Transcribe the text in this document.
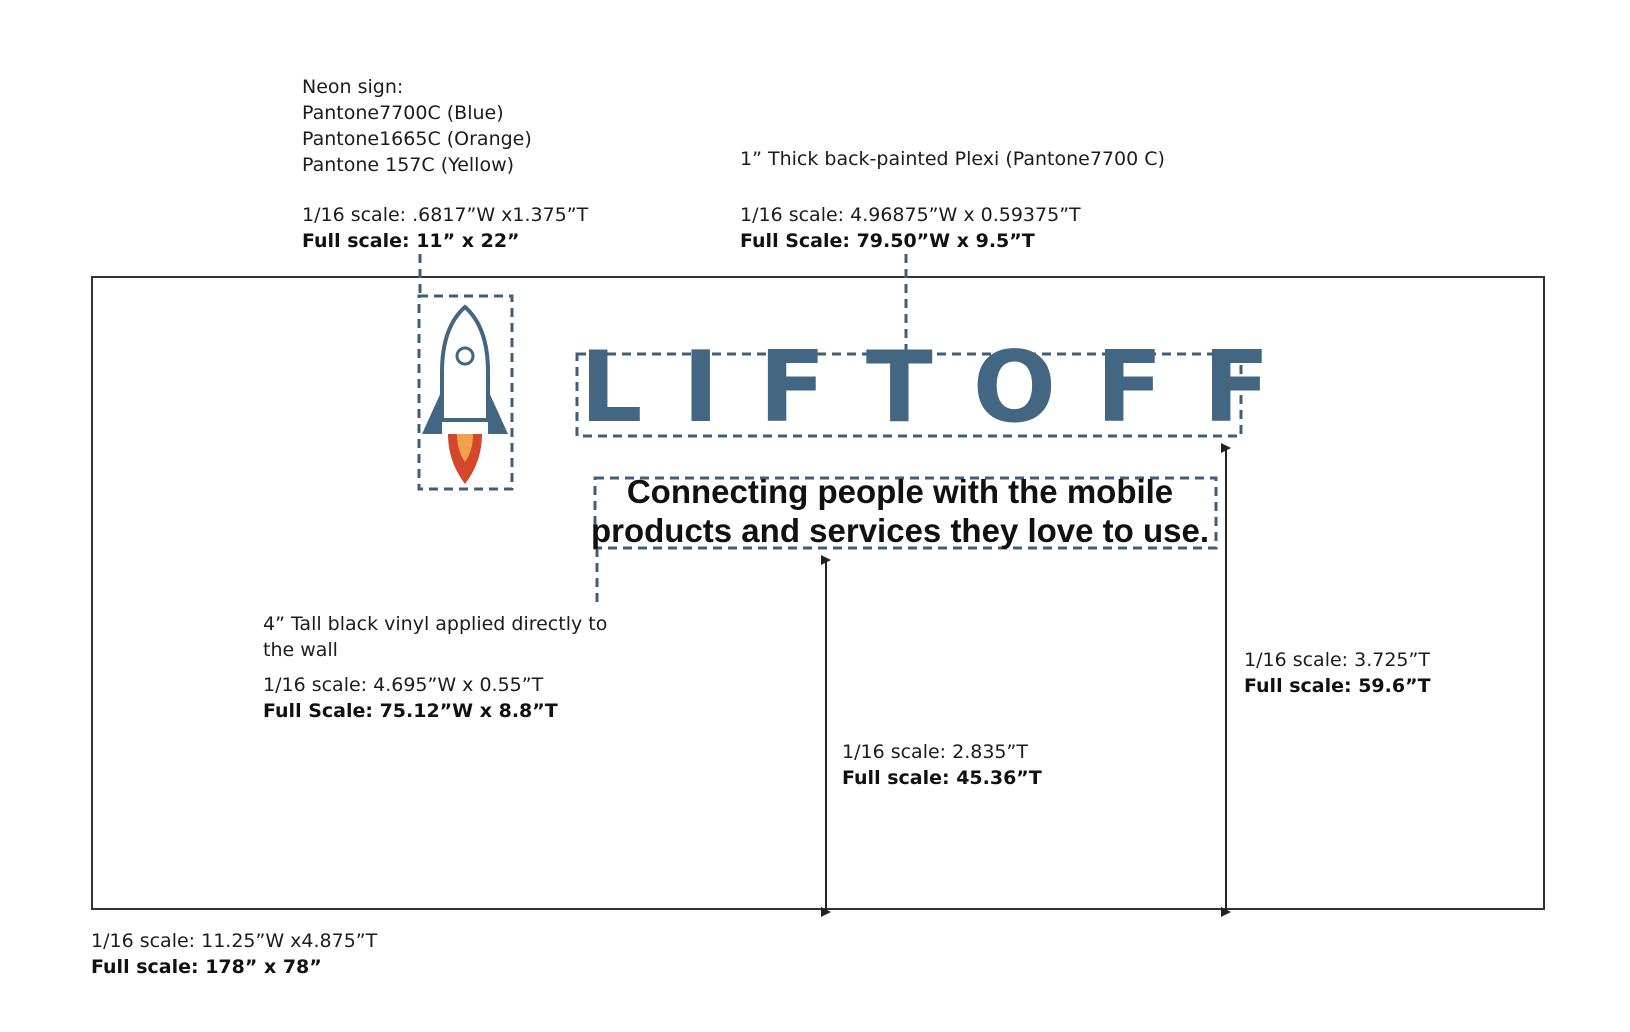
Neon sign:
Pantone7700C (Blue)
Pantone1665C (Orange)
Pantone 157C (Yellow)
1/16 scale: .6817”W x1.375”T
Full scale: 11” x 22”
1” Thick back-painted Plexi (Pantone7700 C)
1/16 scale: 4.96875”W x 0.59375”T
Full Scale: 79.50”W x 9.5”T
LIFTOFF
Connecting people with the mobile
products and services they love to use.
4” Tall black vinyl applied directly to
the wall
1/16 scale: 4.695”W x 0.55”T
Full Scale: 75.12”W x 8.8”T
1/16 scale: 2.835”T
Full scale: 45.36”T
1/16 scale: 3.725”T
Full scale: 59.6”T
1/16 scale: 11.25”W x4.875”T
Full scale: 178” x 78”
